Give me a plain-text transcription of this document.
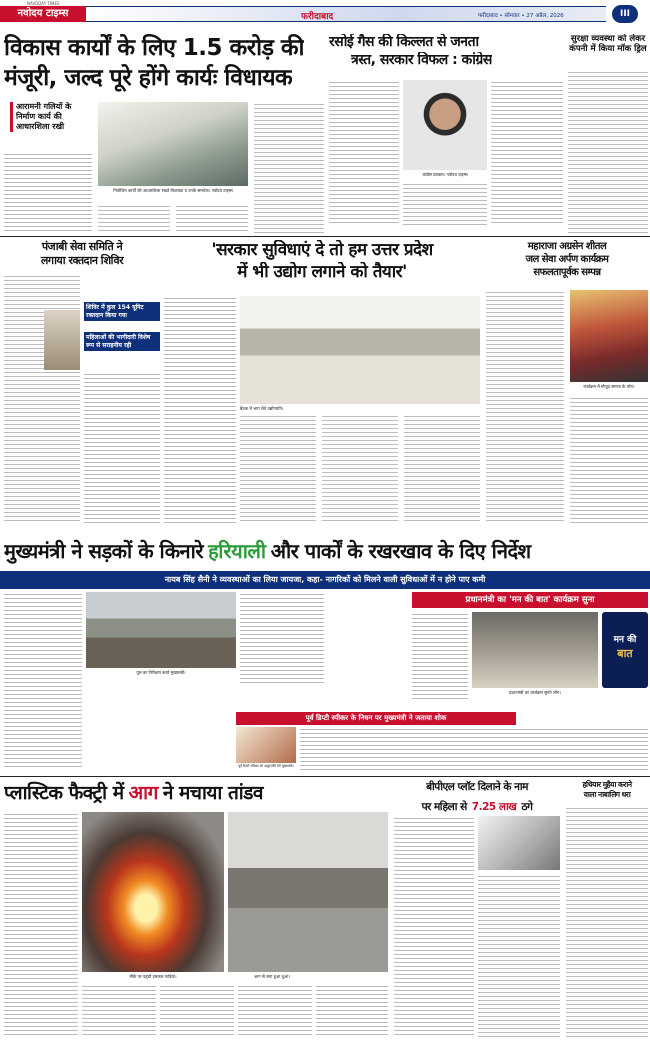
NAVODAY TIMES
नवोदय टाइम्स	फरीदाबाद	फरीदाबाद • सोमवार • 27 अप्रैल, 2026	III
विकास कार्यों के लिए 1.5 करोड़ की
मंजूरी, जल्द पूरे होंगे कार्यः विधायक
आरामनी गलियों के निर्माण कार्य की आधारशिला रखी
नियोजित कार्यों की आधारशिला रखते विधायक व उनके समर्थक। नवोदय टाइम्स
रसोई गैस की किल्लत से जनता
त्रस्त, सरकार विफल : कांग्रेस
कांग्रेस प्रवक्ता। नवोदय टाइम्स
सुरक्षा व्यवस्था को लेकर कंपनी में किया मॉक ड्रिल
पंजाबी सेवा समिति ने
लगाया रक्तदान शिविर
शिविर में कुल 154 यूनिट रक्तदान किया गया
महिलाओं की भागीदारी विशेष रूप से सराहनीय रही
'सरकार सुविधाएं दे तो हम उत्तर प्रदेश
में भी उद्योग लगाने को तैयार'
बैठक में भाग लेते उद्योगपति।
महाराजा अग्रसेन शीतल
जल सेवा अर्पण कार्यक्रम
सफलतापूर्वक सम्पन्न
कार्यक्रम में मौजूद समाज के लोग।
मुख्यमंत्री ने सड़कों के किनारे हरियाली और पार्कों के रखरखाव के दिए निर्देश
नायब सिंह सैनी ने व्यवस्थाओं का लिया जायजा, कहा- नागरिकों को मिलने वाली सुविधाओं में न होने पाए कमी
पुल का निरीक्षण करते मुख्यमंत्री।
प्रधानमंत्री का 'मन की बात' कार्यक्रम सुना
प्रधानमंत्री का कार्यक्रम सुनते लोग।
मन की
बात
पूर्व डिप्टी स्पीकर के निधन पर मुख्यमंत्री ने जताया शोक
पूर्व डिप्टी स्पीकर को श्रद्धांजलि देते मुख्यमंत्री।
प्लास्टिक फैक्ट्री में आग ने मचाया तांडव
आग से लगा हुआ धुआं।
मौके पर पहुंची दमकल गाड़ियां।
बीपीएल प्लॉट दिलाने के नाम
पर महिला से 7.25 लाख ठगे
हथियार मुहैया कराने
वाला नाबालिग धरा
